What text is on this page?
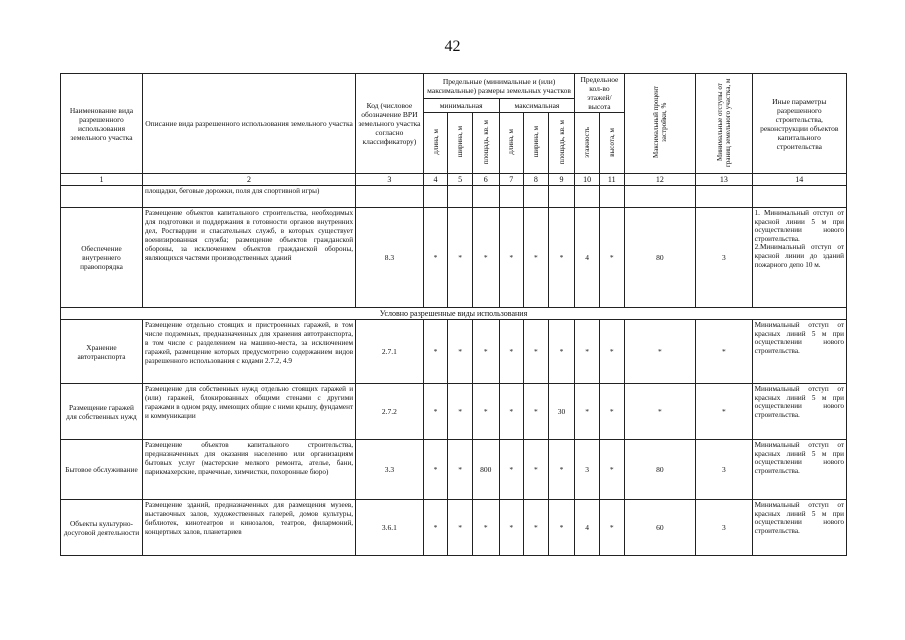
42
Наименование вида разрешенного использования земельного участка	Описание вида разрешенного использования земельного участка	Код (числовое обозначение ВРИ земельного участка согласно классификатору)	Предельные (минимальные и (или) максимальные) размеры земельных участков						Предельное кол-во этажей/ высота		Максимальный процент застройки, %	Минимальные отступы от границ земельного участка, м	Иные параметры разрешенного строительства, реконструкции объектов капитального строительства
			минимальная			максимальная							
			длина, м	ширина, м	площадь, кв. м	длина, м	ширина, м	площадь, кв. м	этажность	высота, м			
1	2	3	4	5	6	7	8	9	10	11	12	13	14
	площадки, беговые дорожки, поля для спортивной игры)												
Обеспечение внутреннего правопорядка	Размещение объектов капитального строительства, необходимых для подготовки и поддержания в готовности органов внутренних дел, Росгвардии и спасательных служб, в которых существует военизированная служба; размещение объектов гражданской обороны, за исключением объектов гражданской обороны, являющихся частями производственных зданий	8.3	*	*	*	*	*	*	4	*	80	3	1. Минимальный отступ от красной линии 5 м при осуществлении нового строительства. 2.Минимальный отступ от красной линии до зданий пожарного депо 10 м.
Условно разрешенные виды использования													
Хранение автотранспорта	Размещение отдельно стоящих и пристроенных гаражей, в том числе подземных, предназначенных для хранения автотранспорта, в том числе с разделением на машино-места, за исключением гаражей, размещение которых предусмотрено содержанием видов разрешенного использования с кодами 2.7.2, 4.9	2.7.1	*	*	*	*	*	*	*	*	*	*	Минимальный отступ от красных линий 5 м при осуществлении нового строительства.
Размещение гаражей для собственных нужд	Размещение для собственных нужд отдельно стоящих гаражей и (или) гаражей, блокированных общими стенами с другими гаражами в одном ряду, имеющих общие с ними крышу, фундамент и коммуникации	2.7.2	*	*	*	*	*	30	*	*	*	*	Минимальный отступ от красных линий 5 м при осуществлении нового строительства.
Бытовое обслуживание	Размещение объектов капитального строительства, предназначенных для оказания населению или организациям бытовых услуг (мастерские мелкого ремонта, ателье, бани, парикмахерские, прачечные, химчистки, похоронные бюро)	3.3	*	*	800	*	*	*	3	*	80	3	Минимальный отступ от красных линий 5 м при осуществлении нового строительства.
Объекты культурно-досуговой деятельности	Размещение зданий, предназначенных для размещения музеев, выставочных залов, художественных галерей, домов культуры, библиотек, кинотеатров и кинозалов, театров, филармоний, концертных залов, планетариев	3.6.1	*	*	*	*	*	*	4	*	60	3	Минимальный отступ от красных линий 5 м при осуществлении нового строительства.
